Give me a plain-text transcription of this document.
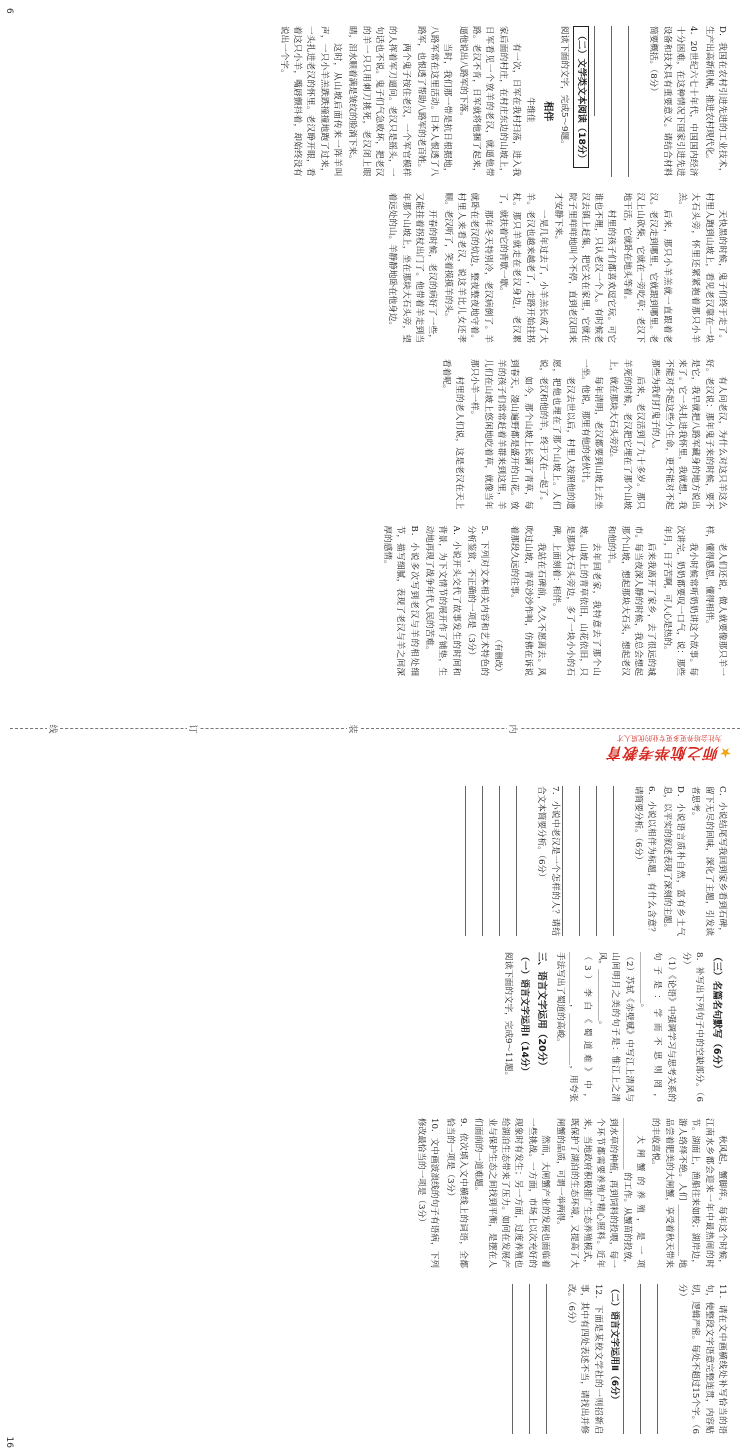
D．我国在农村引进先进的工业技术，生产出高新机械，推进农村现代化。

4．20世纪六七十年代，中国国内经济十分困难，在这种情况下国家引进先进设备和技术具有重要意义。请结合材料简要概括。（8分）

（二）文学类文本阅读（18分）

阅读下面的文字，完成5～9题。

相伴

牛维佳

有一次，日军在我村扫荡，进入我家后面的村庄，在村庄东边的山坡上，日军看见一个放羊的老汉，就逼他带路。老汉不肯，日军就将他捆了起来，逼他说出八路军的下落。

当时，我们那一带是抗日根据地，八路军常在这里活动。日本人恨透了八路军，也恨透了帮助八路军的老百姓。

两个鬼子按住老汉，一个军官模样的人挥着军刀逼问。老汉只是摇头，一句话也不说。鬼子们气急败坏，把老汉的羊一只只用刺刀挑死，老汉闭上眼睛，泪水顺着满是皱纹的脸淌下来。

这时，从山坡后面传来一阵羊叫声，一只小羊羔跌跌撞撞地跑了过来，一头扎进老汉的怀里。老汉睁开眼，看着这只小羊，嘴唇颤抖着，却始终没有说出一个字。

天快黑的时候，鬼子们终于走了。村里人跑到山坡上，看见老汉靠在一块大石头旁，怀里还紧紧抱着那只小羊羔。

后来，那只小羊羔就一直跟着老汉。老汉走到哪里，它就跟到哪里。老汉上山砍柴，它就在一旁吃草；老汉下地干活，它就卧在地头等着。

村里的孩子们都喜欢逗它玩。可它谁也不理，只认老汉一个人。有时候老汉去镇上赶集，把它关在家里，它就在院子里咩咩地叫个不停，直到老汉回来才安静下来。

一晃几年过去了，小羊羔长成了大羊。老汉也越来越老了，走路开始拄拐杖。那只羊就走在老汉身边，老汉累了，就扶着它的背歇一歇。

那年冬天特别冷，老汉病倒了。羊就卧在老汉的炕边，整夜整夜地守着。村里人来看老汉，说这羊比儿女还孝顺。老汉听了，笑着摸摸羊的头。

开春的时候，老汉的病好了一些，又能拄着拐杖出门了。他带着羊走到当年那个山坡上，坐在那块大石头旁，望着远处的山。羊静静地卧在他身边。

有人问老汉，为什么对这只羊这么好。老汉说：那年鬼子来的时候，要不是它，我早就把八路军藏身的地方说出来了。它一头扎进我怀里，我就想，我不能对不起这些小生命，更不能对不起那些为我们打鬼子的人。

后来，老汉活到了九十多岁。那只羊死的时候，老汉把它埋在了那个山坡上，就在那块大石头旁边。

每年清明，老汉都要到山坡上去坐一坐。他说，那里有他的老伙计。

老汉去世以后，村里人按照他的遗愿，把他也埋在了那个山坡上。人们说，老汉和他的羊，终于又在一起了。

如今，那个山坡上长满了青草，每到春天，漫山遍野都是盛开的山花。放羊的孩子们常常赶着羊群来到这里，羊儿们在山坡上悠闲地吃着草，就像当年那只小羊一样。

村里的老人们说，这是老汉在天上看着呢。

老人们还说，做人就要像那只羊一样，懂得感恩，懂得相伴。

我小时候常听奶奶讲这个故事。每次讲完，奶奶都要叹一口气，说：那些年月，日子苦啊，可人心是热的。

后来我离开了家乡，去了很远的城市。每当夜深人静的时候，我总会想起那个山坡，想起那块大石头，想起老汉和他的羊。

去年回老家，我特意去了那个山坡。山坡上的青草依旧，山花依旧，只是那块大石头旁边，多了一块小小的石碑，上面刻着：相伴。

我站在石碑前，久久不愿离去。风吹过山坡，青草沙沙作响，仿佛在诉说着那段久远的往事。

（有删改）

5．下列对文本相关内容和艺术特色的分析鉴赏，不正确的一项是（3分）

A．小说开头交代了故事发生的时间和背景，为下文情节的展开作了铺垫，生动地再现了战争年代人民的苦难。

B．小说多次写到老汉与羊的相处细节，描写细腻，表现了老汉与羊之间深厚的感情。

6
内
装
订
线
★师之航举考教育
为社会培养更多更专业的优质人才

C．小说结尾写我回到家乡看到石碑，留下无尽的回味，深化了主题，引发读者思考。

D．小说语言质朴自然，富有乡土气息，以平实的叙述表现了深刻的主题。

6．小说以相伴为标题，有什么含意？请简要分析。（6分）

7．小说中老汉是一个怎样的人？请结合文本简要分析。（6分）

（三）名篇名句默写（6分）

8．补写出下列句子中的空缺部分。（6分）

（1）《论语》中强调学习与思考关系的句子是：学而不思则罔，____________。

（2）苏轼《赤壁赋》中写江上清风与山间明月之美的句子是：惟江上之清风，____________。

（3）李白《蜀道难》中，____________，____________，用夸张手法写出了蜀道的高峻。

三、语言文字运用（20分）
（一）语言文字运用Ⅰ（14分）

阅读下面的文字，完成9～11题。

秋风起，蟹脚痒。每年这个时候，江南水乡都会迎来一年中最热闹的时节。湖面上，渔船往来如梭；湖岸边，游人络绎不绝。人们 ____________ 地品尝着肥美的大闸蟹，享受着秋天带来的丰收喜悦。

大闸蟹的养殖，是一项 ____________ 的工作。从蟹苗的投放，到水草的种植，再到饲料的投喂，每一个环节都需要养殖户精心照料。近年来，当地政府积极推广生态养殖模式，既保护了湖泊的生态环境，又提高了大闸蟹的品质，可谓一举两得。

然而，大闸蟹产业的发展也面临着一些挑战。一方面，市场上以次充好的现象时有发生；另一方面，过度养殖也给湖泊生态带来了压力。如何在发展产业与保护生态之间找到平衡，是摆在人们面前的一道难题。

9．依次填入文中横线上的词语，全都恰当的一项是（3分）

10．文中画波浪线的句子有语病，下列修改最恰当的一项是（3分）

11．请在文中画横线处补写恰当的语句，使整段文字语意完整连贯，内容贴切，逻辑严密。每处不超过15个字。（6分）

（二）语言文字运用Ⅱ（6分）

12．下面是某校文学社的一则招新启事，其中有四处表述不当，请找出并修改。（6分）

16
